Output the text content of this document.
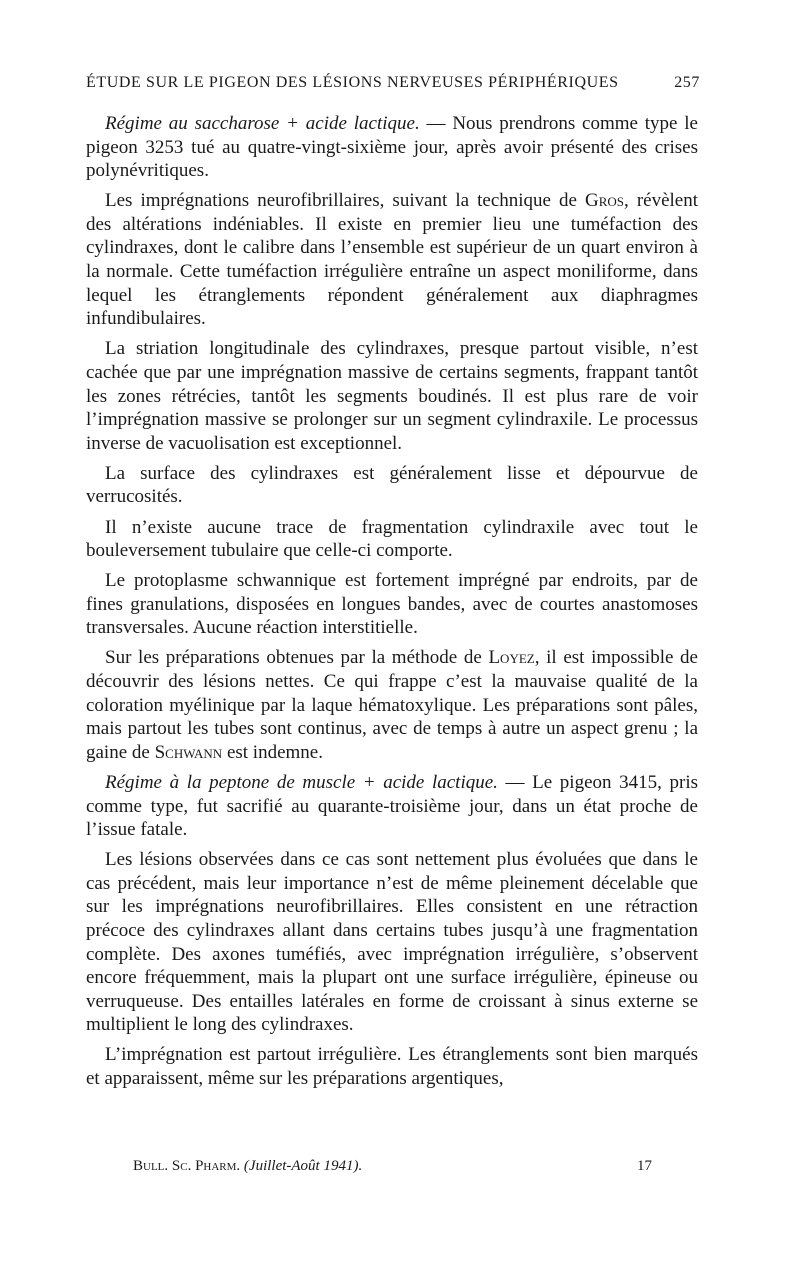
ÉTUDE SUR LE PIGEON DES LÉSIONS NERVEUSES PÉRIPHÉRIQUES	257

Régime au saccharose + acide lactique. — Nous prendrons comme type le pigeon 3253 tué au quatre-vingt-sixième jour, après avoir présenté des crises polynévritiques.

Les imprégnations neurofibrillaires, suivant la technique de Gros, révèlent des altérations indéniables. Il existe en premier lieu une tuméfaction des cylindraxes, dont le calibre dans l’ensemble est supérieur de un quart environ à la normale. Cette tuméfaction irrégulière entraîne un aspect moniliforme, dans lequel les étranglements répondent généralement aux diaphragmes infundibulaires.

La striation longitudinale des cylindraxes, presque partout visible, n’est cachée que par une imprégnation massive de certains segments, frappant tantôt les zones rétrécies, tantôt les segments boudinés. Il est plus rare de voir l’imprégnation massive se prolonger sur un segment cylindraxile. Le processus inverse de vacuolisation est exceptionnel.

La surface des cylindraxes est généralement lisse et dépourvue de verrucosités.

Il n’existe aucune trace de fragmentation cylindraxile avec tout le bouleversement tubulaire que celle-ci comporte.

Le protoplasme schwannique est fortement imprégné par endroits, par de fines granulations, disposées en longues bandes, avec de courtes anastomoses transversales. Aucune réaction interstitielle.

Sur les préparations obtenues par la méthode de Loyez, il est impossible de découvrir des lésions nettes. Ce qui frappe c’est la mauvaise qualité de la coloration myélinique par la laque hématoxylique. Les préparations sont pâles, mais partout les tubes sont continus, avec de temps à autre un aspect grenu ; la gaine de Schwann est indemne.

Régime à la peptone de muscle + acide lactique. — Le pigeon 3415, pris comme type, fut sacrifié au quarante-troisième jour, dans un état proche de l’issue fatale.

Les lésions observées dans ce cas sont nettement plus évoluées que dans le cas précédent, mais leur importance n’est de même pleinement décelable que sur les imprégnations neurofibrillaires. Elles consistent en une rétraction précoce des cylindraxes allant dans certains tubes jusqu’à une fragmentation complète. Des axones tuméfiés, avec imprégnation irrégulière, s’observent encore fréquemment, mais la plupart ont une surface irrégulière, épineuse ou verruqueuse. Des entailles latérales en forme de croissant à sinus externe se multiplient le long des cylindraxes.

L’imprégnation est partout irrégulière. Les étranglements sont bien marqués et apparaissent, même sur les préparations argentiques,

Bull. Sc. Pharm. (Juillet-Août 1941).	17
